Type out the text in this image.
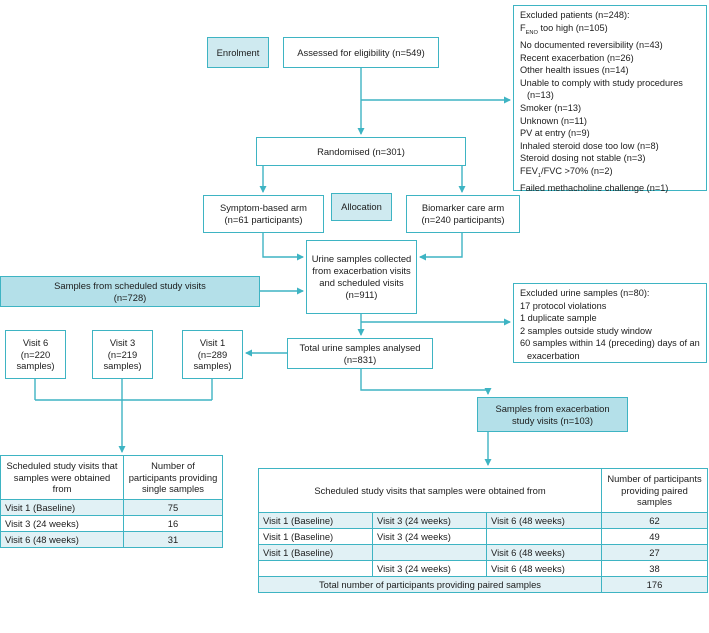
Enrolment	Assessed for eligibility (n=549)
Excluded patients (n=248):
$F_{ENO}$ too high (n=105)
No documented reversibility (n=43)
Recent exacerbation (n=26)
Other health issues (n=14)
Unable to comply with study procedures (n=13)
Smoker (n=13)
Unknown (n=11)
PV at entry (n=9)
Inhaled steroid dose too low (n=8)
Steroid dosing not stable (n=3)
$FEV_1$/FVC >70% (n=2)
Failed methacholine challenge (n=1)
Randomised (n=301)
Symptom-based arm (n=61 participants)
Allocation	Biomarker care arm (n=240 participants)
Urine samples collected from exacerbation visits and scheduled visits (n=911)
Samples from scheduled study visits (n=728)	Excluded urine samples (n=80):
17 protocol violations
1 duplicate sample
2 samples outside study window
60 samples within 14 (preceding) days of an exacerbation
Visit 6 (n=220 samples)
Visit 3 (n=219 samples)
Visit 1 (n=289 samples)
Total urine samples analysed (n=831)
Samples from exacerbation study visits (n=103)
Scheduled study visits that samples were obtained from	Number of participants providing single samples
Visit 1 (Baseline)	75
Visit 3 (24 weeks)	16
Visit 6 (48 weeks)	31
Scheduled study visits that samples were obtained from			Number of participants providing paired samples
Visit 1 (Baseline)	Visit 3 (24 weeks)	Visit 6 (48 weeks)	62
Visit 1 (Baseline)	Visit 3 (24 weeks)		49
Visit 1 (Baseline)		Visit 6 (48 weeks)	27
	Visit 3 (24 weeks)	Visit 6 (48 weeks)	38
Total number of participants providing paired samples			176
